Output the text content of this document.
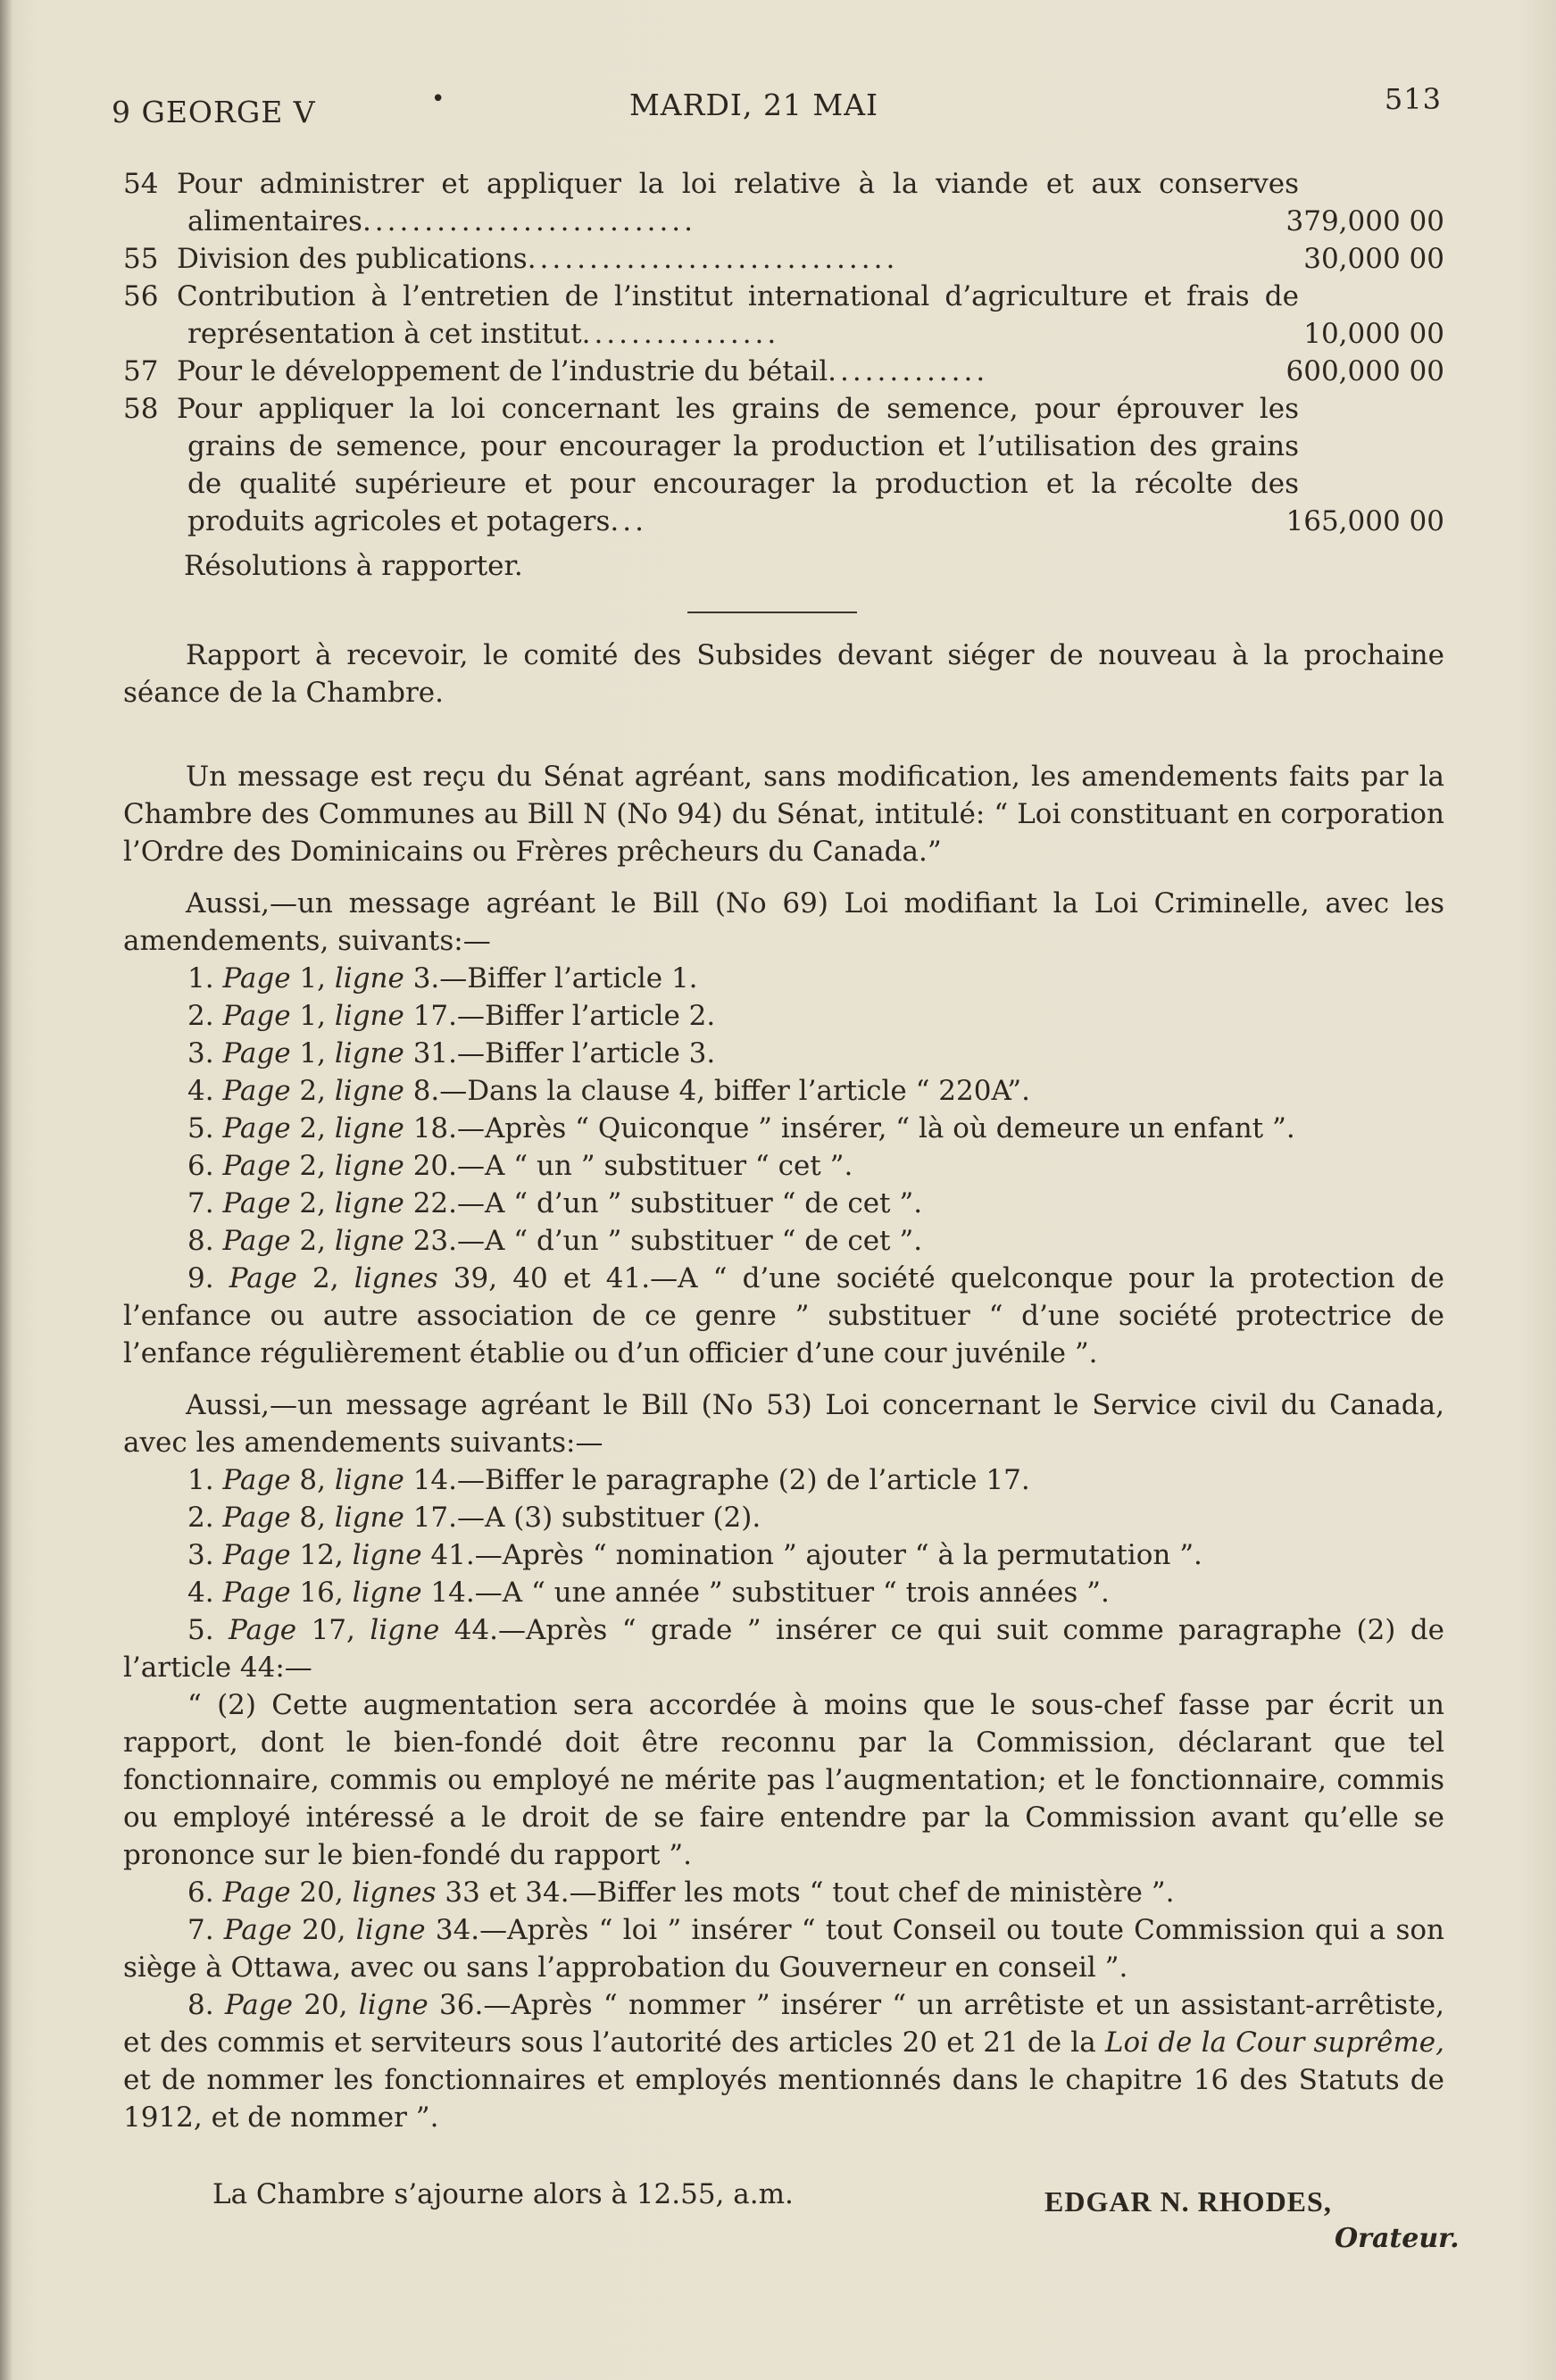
9 GEORGE V	•	MARDI, 21 MAI	513
54 Pour administrer et appliquer la loi relative à la viande et aux conserves alimentaires...........................	379,000 00
55 Division des publications..............................	30,000 00
56 Contribution à l’entretien de l’institut international d’agriculture et frais de représentation à cet institut................	10,000 00
57 Pour le développement de l’industrie du bétail.............	600,000 00
58 Pour appliquer la loi concernant les grains de semence, pour éprouver les grains de semence, pour encourager la production et l’utilisation des grains de qualité supérieure et pour encourager la production et la récolte des produits agricoles et potagers...	165,000 00
Résolutions à rapporter.
Rapport à recevoir, le comité des Subsides devant siéger de nouveau à la prochaine séance de la Chambre.
Un message est reçu du Sénat agréant, sans modification, les amendements faits par la Chambre des Communes au Bill N (No 94) du Sénat, intitulé: “ Loi constituant en corporation l’Ordre des Dominicains ou Frères prêcheurs du Canada.”
Aussi,—un message agréant le Bill (No 69) Loi modifiant la Loi Criminelle, avec les amendements, suivants:—
1. Page 1, ligne 3.—Biffer l’article 1.
2. Page 1, ligne 17.—Biffer l’article 2.
3. Page 1, ligne 31.—Biffer l’article 3.
4. Page 2, ligne 8.—Dans la clause 4, biffer l’article “ 220A”.
5. Page 2, ligne 18.—Après “ Quiconque ” insérer, “ là où demeure un enfant ”.
6. Page 2, ligne 20.—A “ un ” substituer “ cet ”.
7. Page 2, ligne 22.—A “ d’un ” substituer “ de cet ”.
8. Page 2, ligne 23.—A “ d’un ” substituer “ de cet ”.
9. Page 2, lignes 39, 40 et 41.—A “ d’une société quelconque pour la protection de l’enfance ou autre association de ce genre ” substituer “ d’une société protectrice de l’enfance régulièrement établie ou d’un officier d’une cour juvénile ”.
Aussi,—un message agréant le Bill (No 53) Loi concernant le Service civil du Canada, avec les amendements suivants:—
1. Page 8, ligne 14.—Biffer le paragraphe (2) de l’article 17.
2. Page 8, ligne 17.—A (3) substituer (2).
3. Page 12, ligne 41.—Après “ nomination ” ajouter “ à la permutation ”.
4. Page 16, ligne 14.—A “ une année ” substituer “ trois années ”.
5. Page 17, ligne 44.—Après “ grade ” insérer ce qui suit comme paragraphe (2) de l’article 44:—
“ (2) Cette augmentation sera accordée à moins que le sous-chef fasse par écrit un rapport, dont le bien-fondé doit être reconnu par la Commission, déclarant que tel fonctionnaire, commis ou employé ne mérite pas l’augmentation; et le fonctionnaire, commis ou employé intéressé a le droit de se faire entendre par la Commission avant qu’elle se prononce sur le bien-fondé du rapport ”.
6. Page 20, lignes 33 et 34.—Biffer les mots “ tout chef de ministère ”.
7. Page 20, ligne 34.—Après “ loi ” insérer “ tout Conseil ou toute Commission qui a son siège à Ottawa, avec ou sans l’approbation du Gouverneur en conseil ”.
8. Page 20, ligne 36.—Après “ nommer ” insérer “ un arrêtiste et un assistant-arrêtiste, et des commis et serviteurs sous l’autorité des articles 20 et 21 de la Loi de la Cour suprême, et de nommer les fonctionnaires et employés mentionnés dans le chapitre 16 des Statuts de 1912, et de nommer ”.
La Chambre s’ajourne alors à 12.55, a.m.	EDGAR N. RHODES,
Orateur.
